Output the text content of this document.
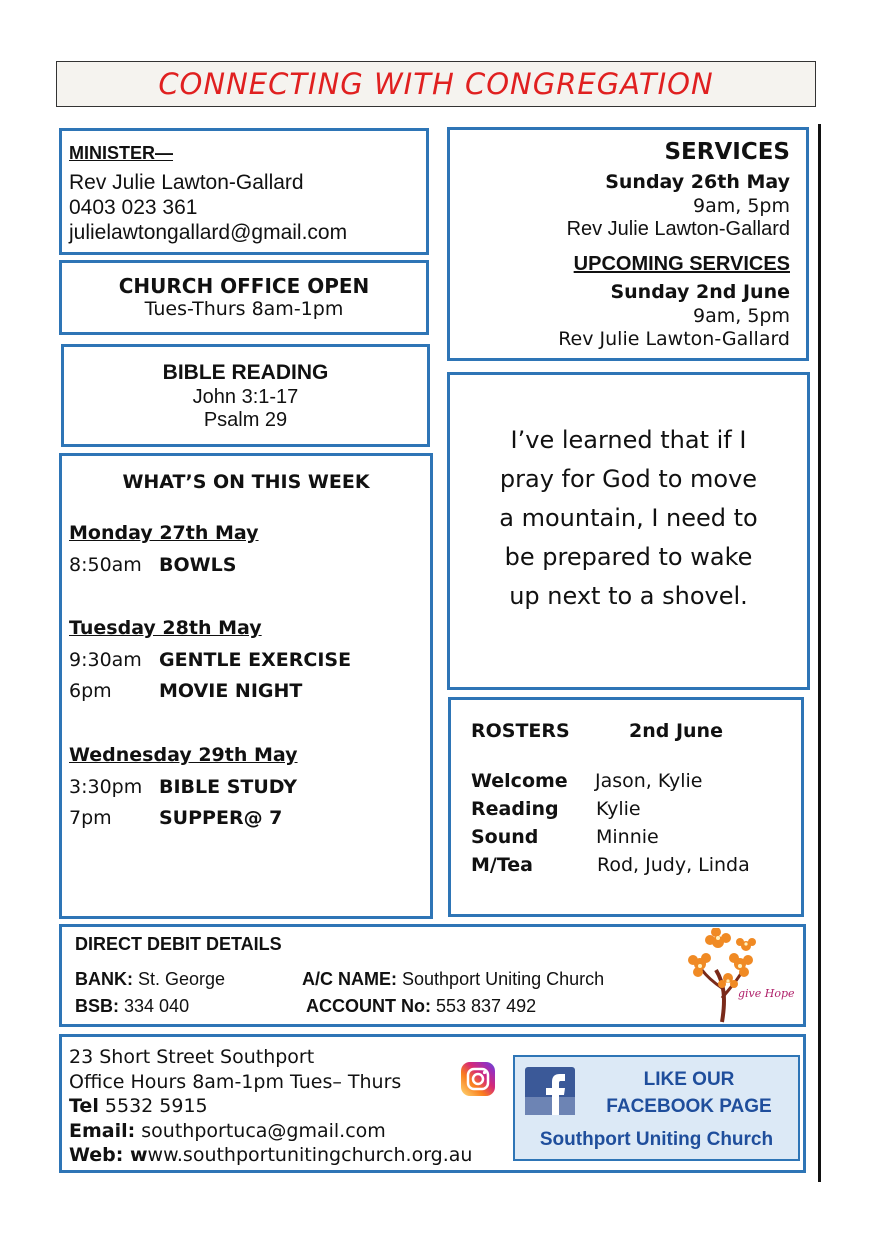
CONNECTING WITH CONGREGATION
MINISTER—
Rev Julie Lawton-Gallard
0403 023 361
julielawtongallard@gmail.com
CHURCH OFFICE OPEN
Tues-Thurs 8am-1pm
BIBLE READING
John 3:1-17
Psalm 29
WHAT’S ON THIS WEEK
Monday 27th May
8:50am BOWLS
Tuesday 28th May
9:30am GENTLE EXERCISE
6pm MOVIE NIGHT
Wednesday 29th May
3:30pm BIBLE STUDY
7pm SUPPER@ 7
SERVICES
Sunday 26th May
9am, 5pm
Rev Julie Lawton-Gallard
UPCOMING SERVICES
Sunday 2nd June
9am, 5pm
Rev Julie Lawton-Gallard
I’ve learned that if I
pray for God to move
a mountain, I need to
be prepared to wake
up next to a shovel.
ROSTERS	2nd June
Welcome Jason, Kylie
Reading Kylie
Sound	Minnie
M/Tea	Rod, Judy, Linda
DIRECT DEBIT DETAILS
BANK: St. George	A/C NAME: Southport Uniting Church
BSB: 334 040	ACCOUNT No: 553 837 492
give Hope
23 Short Street Southport
Office Hours 8am-1pm Tues– Thurs
Tel 5532 5915
Email: southportuca@gmail.com
Web: www.southportunitingchurch.org.au
LIKE OUR
FACEBOOK PAGE
Southport Uniting Church
